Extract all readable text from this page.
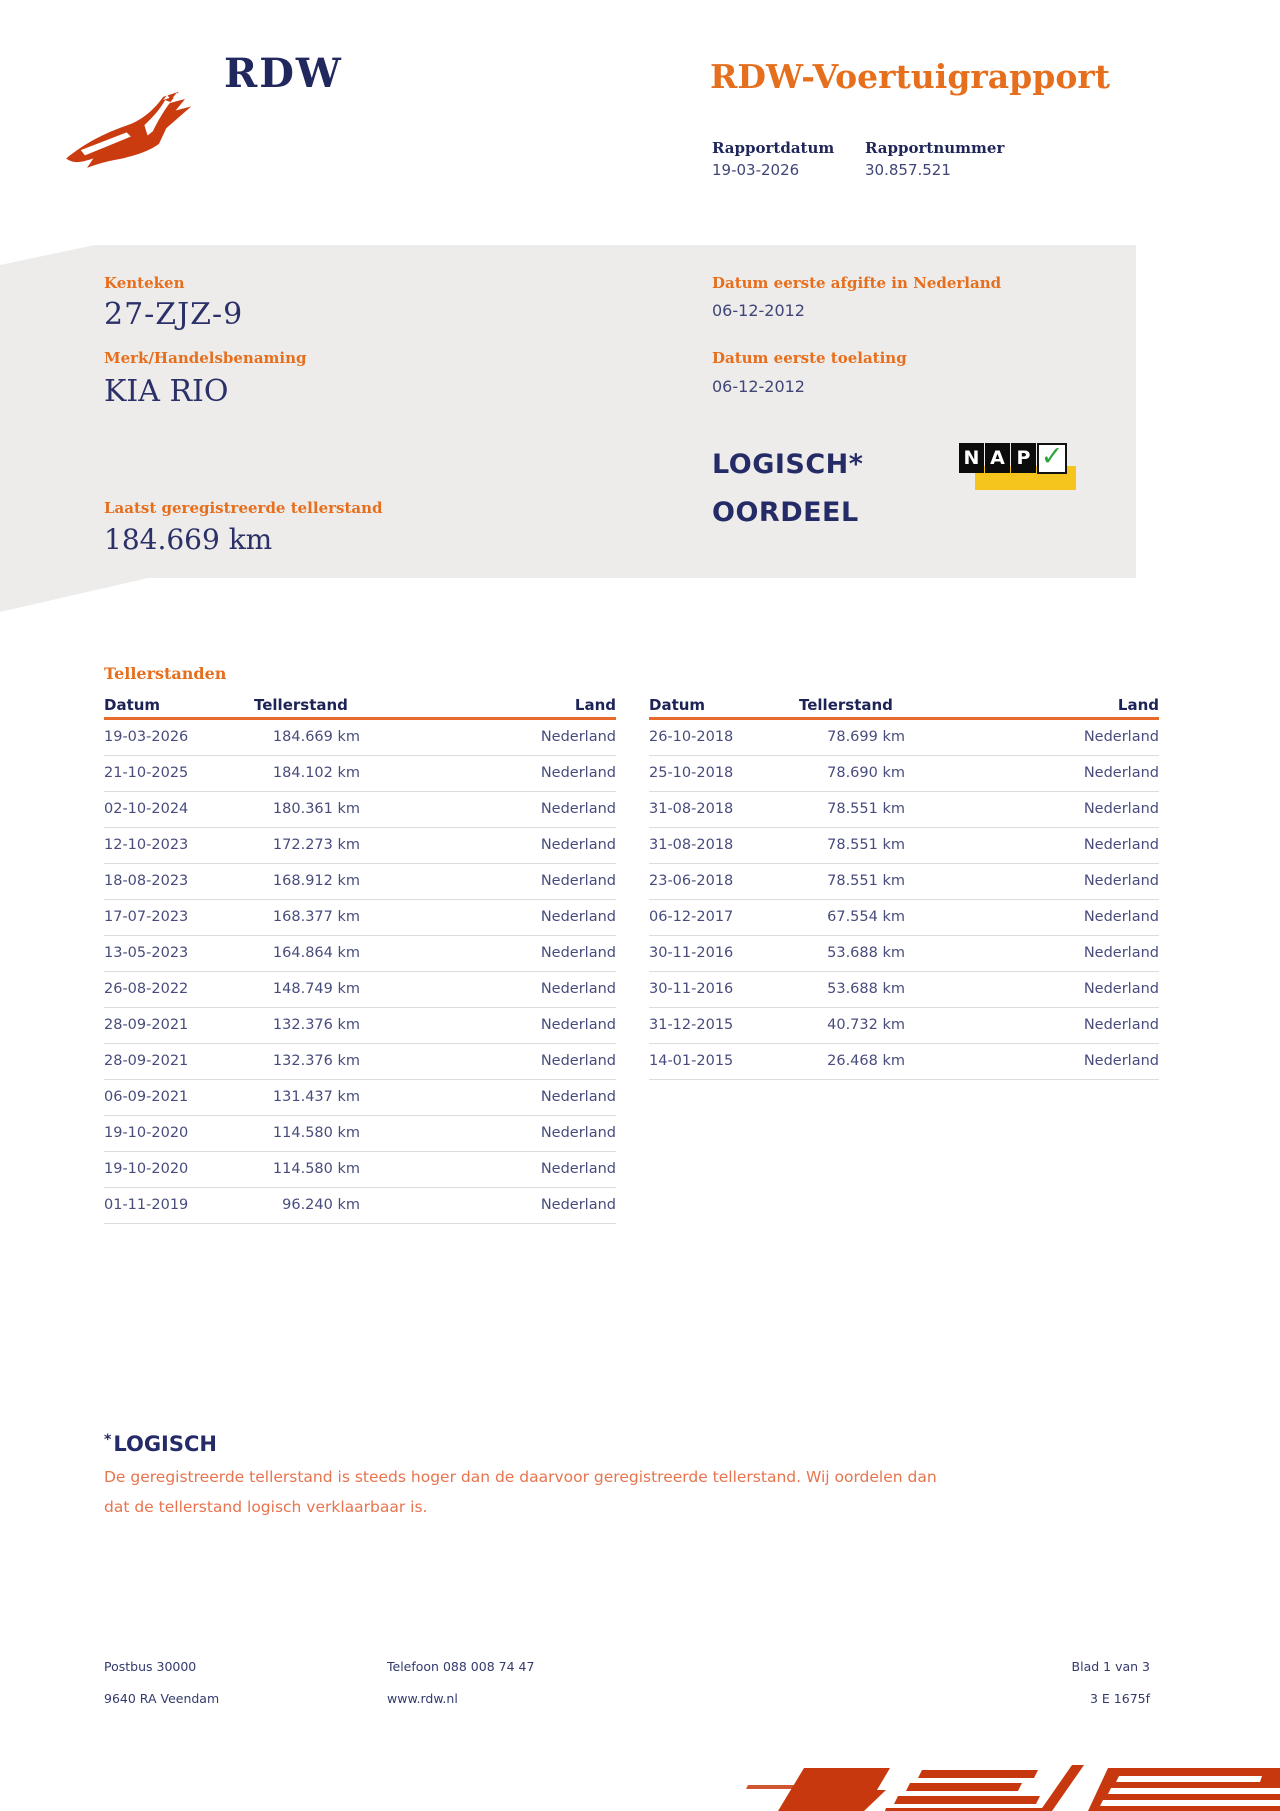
RDW	RDW-Voertuigrapport
Rapportdatum
19-03-2026
Rapportnummer
30.857.521
Kenteken
27-ZJZ-9
Merk/Handelsbenaming
KIA RIO
Laatst geregistreerde tellerstand
184.669 km
Datum eerste afgifte in Nederland
06-12-2012
Datum eerste toelating
06-12-2012
LOGISCH*
OORDEEL
N A P ✓
Tellerstanden
Datum	Tellerstand	Land
19-03-2026	184.669 km	Nederland
21-10-2025	184.102 km	Nederland
02-10-2024	180.361 km	Nederland
12-10-2023	172.273 km	Nederland
18-08-2023	168.912 km	Nederland
17-07-2023	168.377 km	Nederland
13-05-2023	164.864 km	Nederland
26-08-2022	148.749 km	Nederland
28-09-2021	132.376 km	Nederland
28-09-2021	132.376 km	Nederland
06-09-2021	131.437 km	Nederland
19-10-2020	114.580 km	Nederland
19-10-2020	114.580 km	Nederland
01-11-2019	96.240 km	Nederland
Datum	Tellerstand	Land
26-10-2018	78.699 km	Nederland
25-10-2018	78.690 km	Nederland
31-08-2018	78.551 km	Nederland
31-08-2018	78.551 km	Nederland
23-06-2018	78.551 km	Nederland
06-12-2017	67.554 km	Nederland
30-11-2016	53.688 km	Nederland
30-11-2016	53.688 km	Nederland
31-12-2015	40.732 km	Nederland
14-01-2015	26.468 km	Nederland
*LOGISCH

De geregistreerde tellerstand is steeds hoger dan de daarvoor geregistreerde tellerstand. Wij oordelen dan dat de tellerstand logisch verklaarbaar is.

Postbus 30000
9640 RA Veendam
Telefoon 088 008 74 47
www.rdw.nl
Blad 1 van 3
3 E 1675f
